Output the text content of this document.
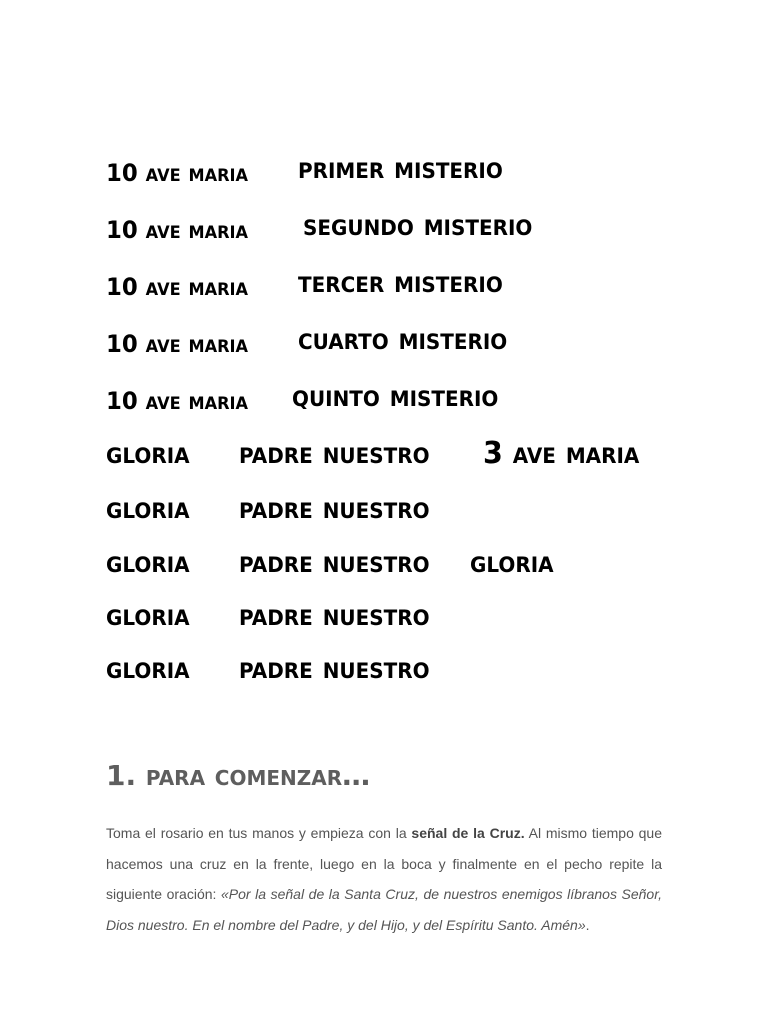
10 ave maria primer misterio
10 ave maria segundo misterio
10 ave maria tercer misterio
10 ave maria cuarto misterio
10 ave maria quinto misterio
gloria padre nuestro 3 ave maria
gloria padre nuestro
gloria padre nuestro gloria
gloria padre nuestro
gloria padre nuestro
1. para comenzar…

Toma el rosario en tus manos y empieza con la señal de la Cruz. Al mismo tiempo que hacemos una cruz en la frente, luego en la boca y finalmente en el pecho repite la siguiente oración: «Por la señal de la Santa Cruz, de nuestros enemigos líbranos Señor, Dios nuestro. En el nombre del Padre, y del Hijo, y del Espíritu Santo. Amén».
